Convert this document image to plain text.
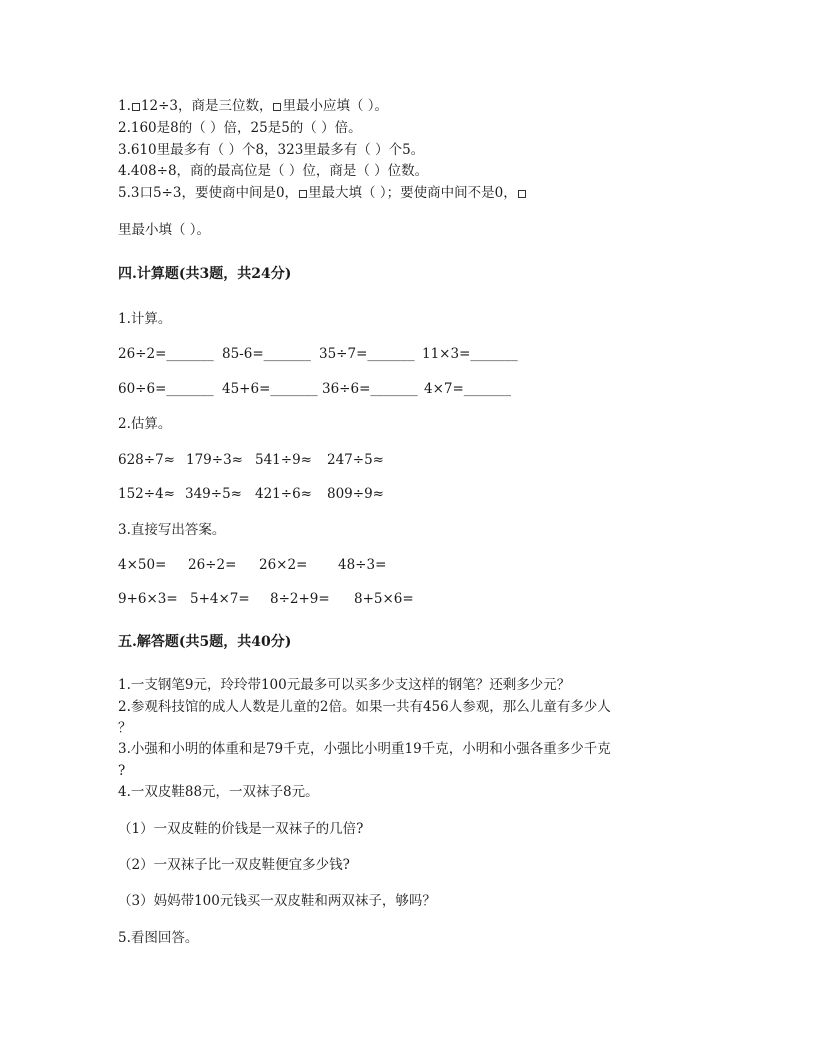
1. 12÷3，商是三位数， 里最小应填（ ）。
2.160是8的（ ）倍，25是5的（ ）倍。
3.610里最多有（ ）个8，323里最多有（ ）个5。
4.408÷8，商的最高位是（ ）位，商是（ ）位数。
5.3口5÷3，要使商中间是0， 里最大填（ ）；要使商中间不是0，
里最小填（ ）。
四.计算题(共3题，共24分)
1.计算。
26÷2=_______ 85-6=_______ 35÷7=_______ 11×3=_______
60÷6=_______ 45+6=_______ 36÷6=_______ 4×7=_______
2.估算。
628÷7≈ 179÷3≈ 541÷9≈ 247÷5≈
152÷4≈ 349÷5≈ 421÷6≈ 809÷9≈
3.直接写出答案。
4×50= 26÷2= 26×2= 48÷3=
9+6×3= 5+4×7= 8÷2+9= 8+5×6=
五.解答题(共5题，共40分)
1.一支钢笔9元，玲玲带100元最多可以买多少支这样的钢笔？还剩多少元？
2.参观科技馆的成人人数是儿童的2倍。如果一共有456人参观，那么儿童有多少人
？
3.小强和小明的体重和是79千克，小强比小明重19千克，小明和小强各重多少千克
?
4.一双皮鞋88元，一双袜子8元。
（1）一双皮鞋的价钱是一双袜子的几倍?
（2）一双袜子比一双皮鞋便宜多少钱?
（3）妈妈带100元钱买一双皮鞋和两双袜子，够吗？
5.看图回答。
